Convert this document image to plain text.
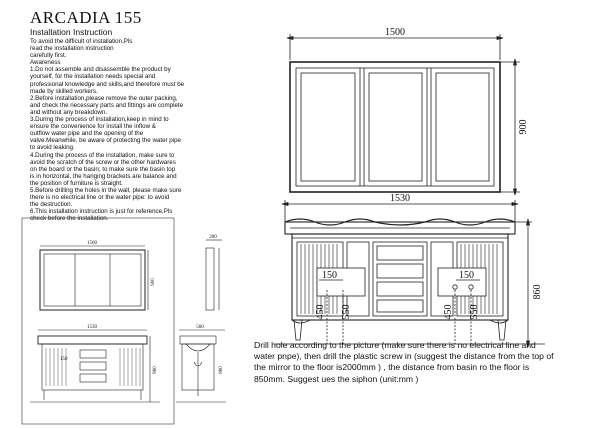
ARCADIA 155
Installation Instruction
To avoid the difficult of installation,Pls
read the installation instruction
carefully first.
Awareness
1.Do not assemble and disassemble the product by
yourself, for the installation needs special and
professional knowledge and skills,and therefore must be
made by skilled workers.
2.Before installation,please remove the outer packing,
and check the necessary parts and fittings are complete
and without any breakdown.
3.During the process of installation,keep in mind to
ensure the convenience for install the inflow &
outflow water pipe and the opening of the
valve.Meanwhile, be aware of protecting the water pipe
to avoid leaking.
4.During the process of the installation, make sure to
avoid the scratch of the screw or the other hardwares
on the board or the basin; to make sure the basin top
is in horizontal, the hanging brackets are balance and
the position of furniture is straight.
5.Before drilling the holes in the wall, please make sure
there is no electrical line or the water pipe: to avoid
the destruction.
6.This installation instruction is just for reference,Pls
check before the installation.
1500
900
1530
860
150	150
450 550	450 550
1500
900
1530
860
150
200
560
860
Drill hole according to the picture (make sure there is no electrical line and water pnpe), then drill the plastic screw in (suggest the distance from the top of the mirror to the floor is2000mm ) , the distance from basin ro the floor is 850mm. Suggest ues the siphon (unit:mm )
